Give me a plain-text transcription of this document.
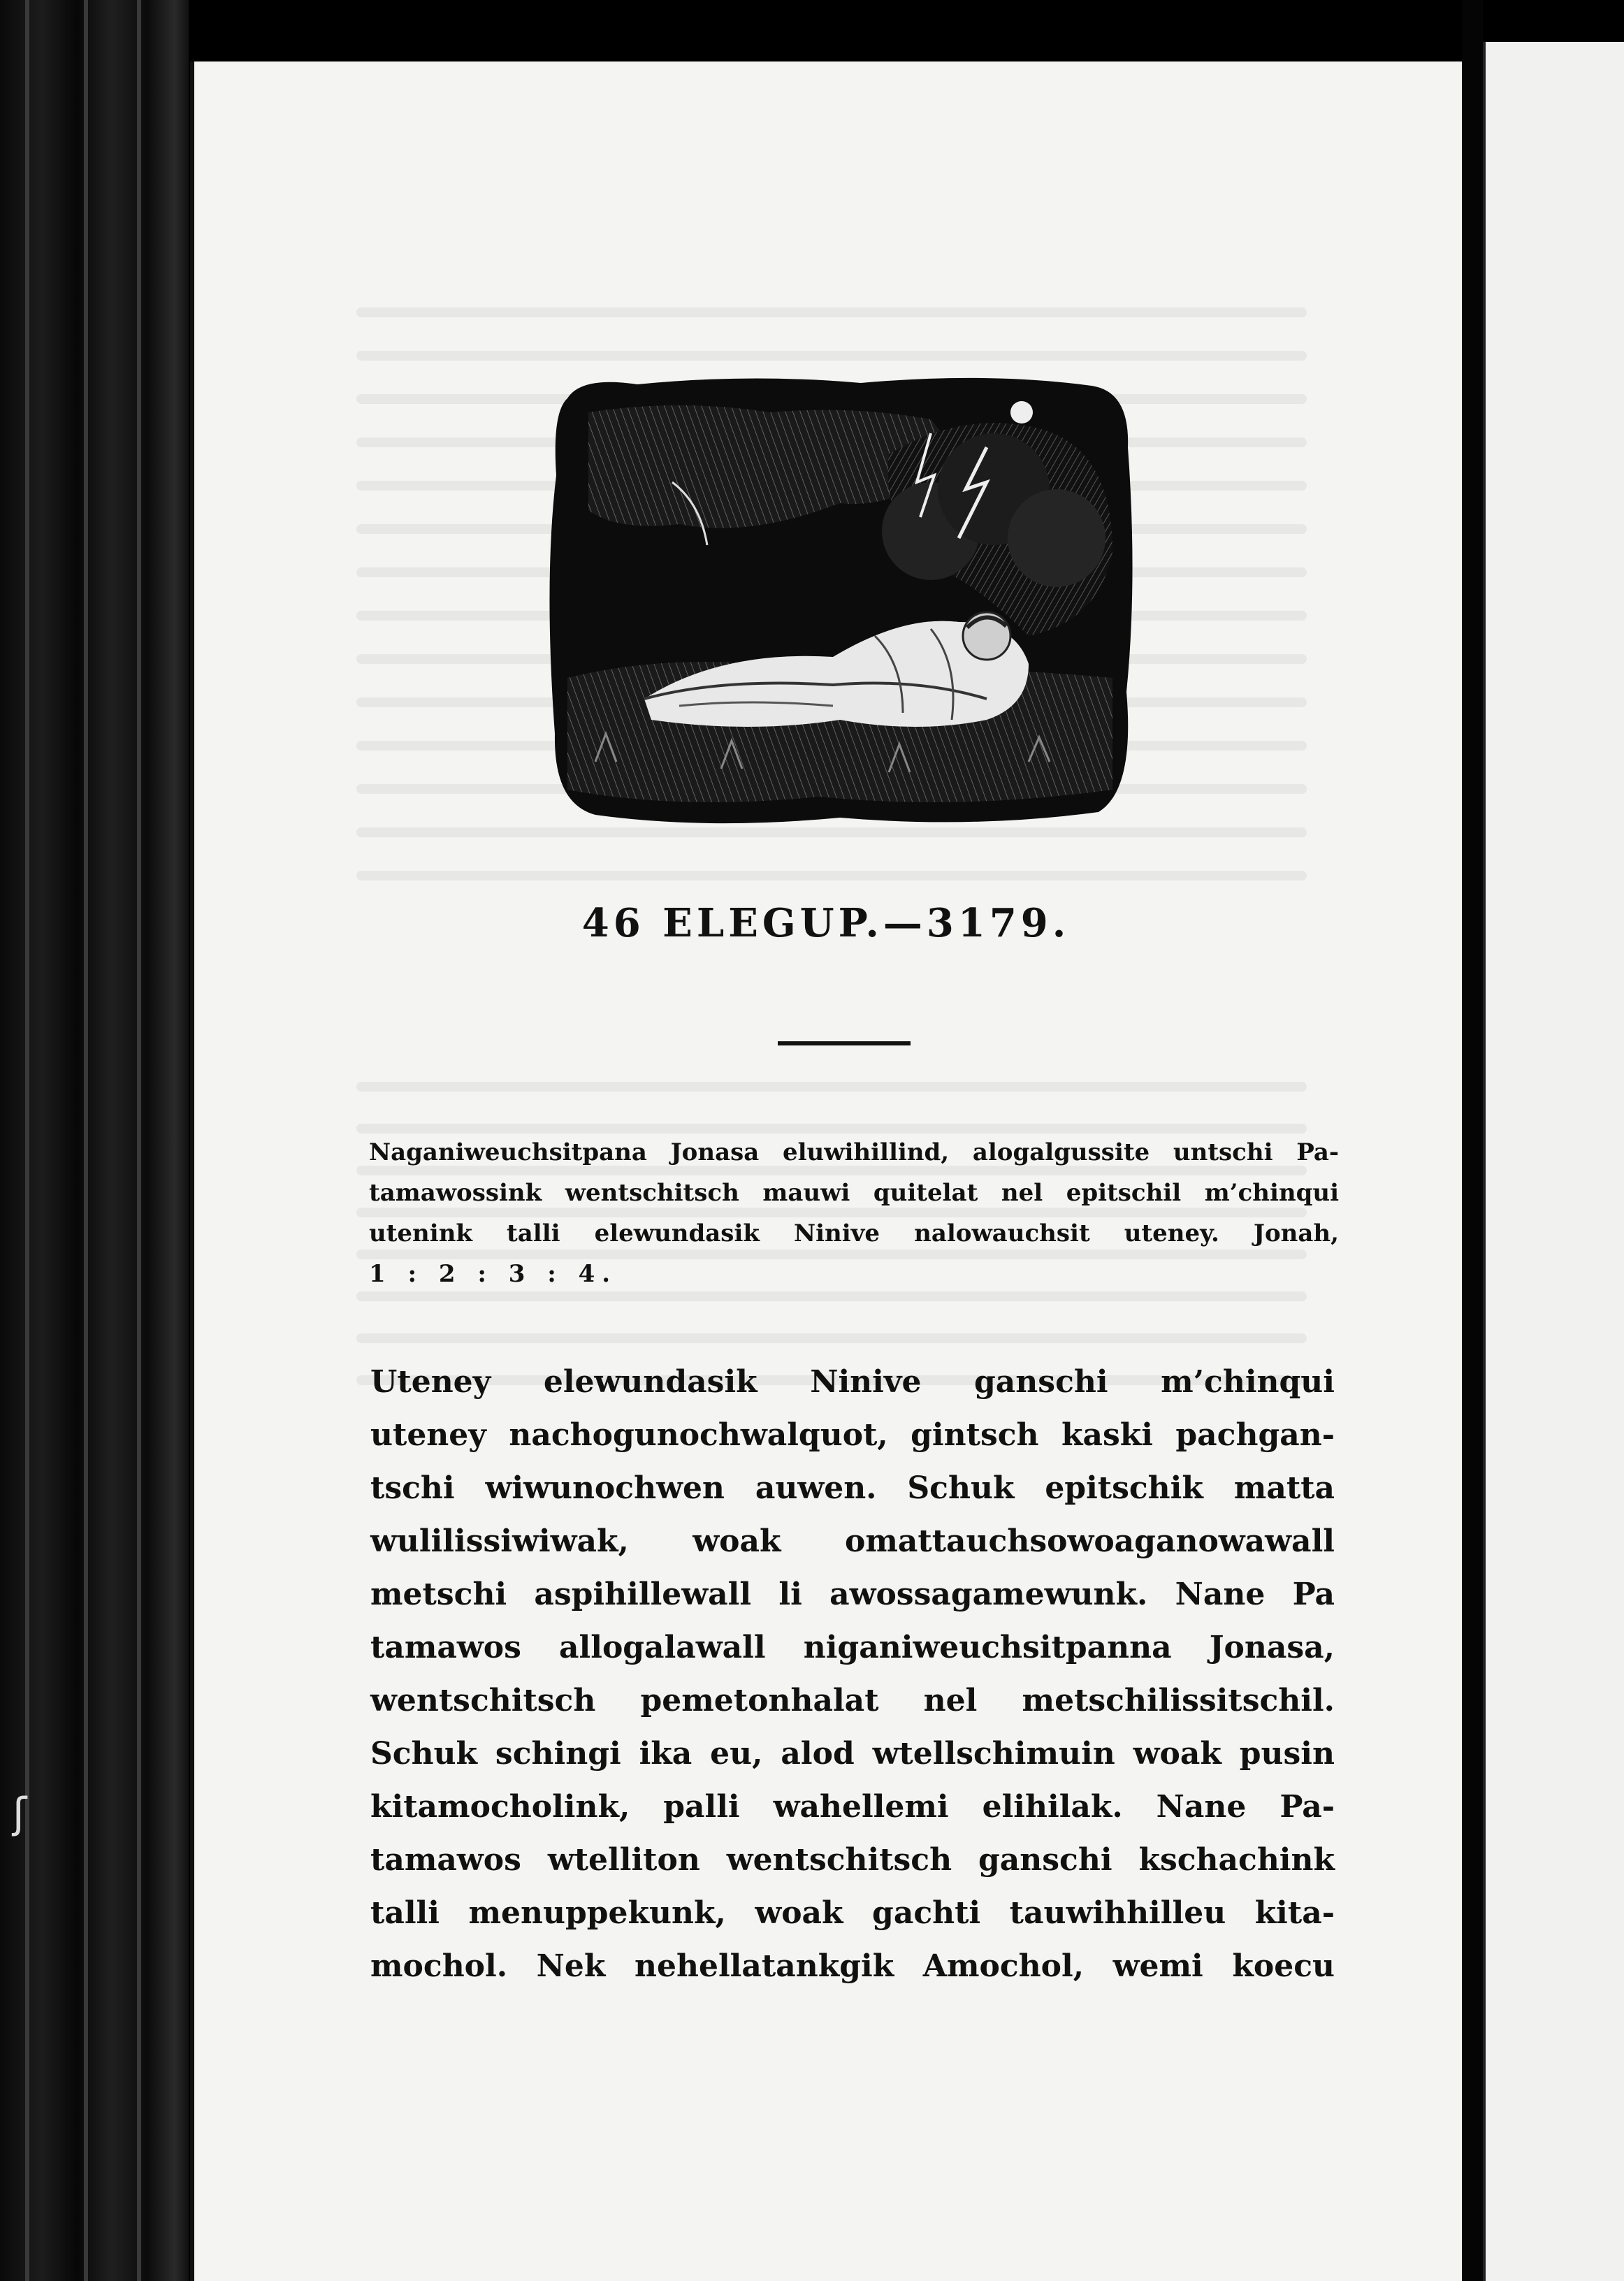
ʃ
46 ELEGUP.—3179.
Naganiweuchsitpana Jonasa eluwihillind, alogalgussite untschi Pa-
tamawossink wentschitsch mauwi quitelat nel epitschil m’chinqui
utenink talli elewundasik Ninive nalowauchsit uteney. Jonah,
1 : 2 : 3 : 4.
Uteney elewundasik Ninive ganschi m’chinqui
uteney nachogunochwalquot, gintsch kaski pachgan-
tschi wiwunochwen auwen. Schuk epitschik matta
wulilissiwiwak, woak omattauchsowoaganowawall
metschi aspihillewall li awossagamewunk. Nane Pa
tamawos allogalawall niganiweuchsitpanna Jonasa,
wentschitsch pemetonhalat nel metschilissitschil.
Schuk schingi ika eu, alod wtellschimuin woak pusin
kitamocholink, palli wahellemi elihilak. Nane Pa-
tamawos wtelliton wentschitsch ganschi kschachink
talli menuppekunk, woak gachti tauwihhilleu kita-
mochol. Nek nehellatankgik Amochol, wemi koecu
